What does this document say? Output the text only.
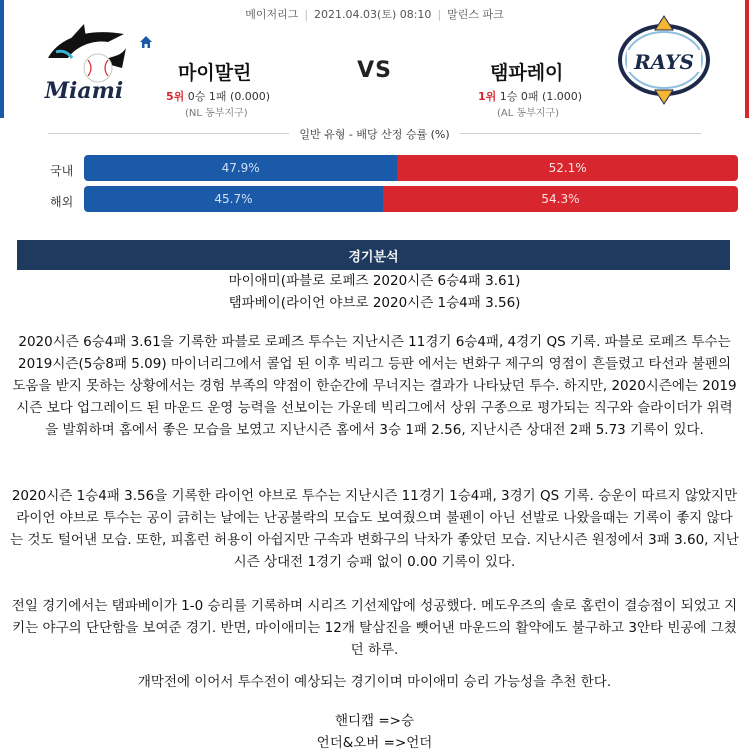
메이저리그 | 2021.04.03(토) 08:10 | 말린스 파크
Miami
마이말린	VS	탬파레이
5위 0승 1패 (0.000)
(NL 동부지구)
1위 1승 0패 (1.000)
(AL 동부지구)
RAYS
일반 유형 - 배당 산정 승률 (%)
국내	47.9%	52.1%
해외	45.7%	54.3%
경기분석
마이애미(파블로 로페즈 2020시즌 6승4패 3.61)
탬파베이(라이언 야브로 2020시즌 1승4패 3.56)
2020시즌 6승4패 3.61을 기록한 파블로 로페즈 투수는 지난시즌 11경기 6승4패, 4경기 QS 기록. 파블로 로페즈 투수는 2019시즌(5승8패 5.09) 마이너리그에서 콜업 된 이후 빅리그 등판 에서는 변화구 제구의 영점이 흔들렸고 타선과 불펜의 도움을 받지 못하는 상황에서는 경험 부족의 약점이 한순간에 무너지는 결과가 나타났던 투수. 하지만, 2020시즌에는 2019시즌 보다 업그레이드 된 마운드 운영 능력을 선보이는 가운데 빅리그에서 상위 구종으로 평가되는 직구와 슬라이더가 위력을 발휘하며 홈에서 좋은 모습을 보였고 지난시즌 홈에서 3승 1패 2.56, 지난시즌 상대전 2패 5.73 기록이 있다.
2020시즌 1승4패 3.56을 기록한 라이언 야브로 투수는 지난시즌 11경기 1승4패, 3경기 QS 기록. 승운이 따르지 않았지만 라이언 야브로 투수는 공이 긁히는 날에는 난공불락의 모습도 보여줬으며 불펜이 아닌 선발로 나왔을때는 기록이 좋지 않다는 것도 털어낸 모습. 또한, 피홈런 허용이 아쉽지만 구속과 변화구의 낙차가 좋았던 모습. 지난시즌 원정에서 3패 3.60, 지난시즌 상대전 1경기 승패 없이 0.00 기록이 있다.
전일 경기에서는 탬파베이가 1-0 승리를 기록하며 시리즈 기선제압에 성공했다. 메도우즈의 솔로 홈런이 결승점이 되었고 지키는 야구의 단단함을 보여준 경기. 반면, 마이애미는 12개 탈삼진을 뺏어낸 마운드의 활약에도 불구하고 3안타 빈공에 그쳤던 하루.
개막전에 이어서 투수전이 예상되는 경기이며 마이애미 승리 가능성을 추천 한다.
핸디캡 =>승
언더&오버 =>언더
